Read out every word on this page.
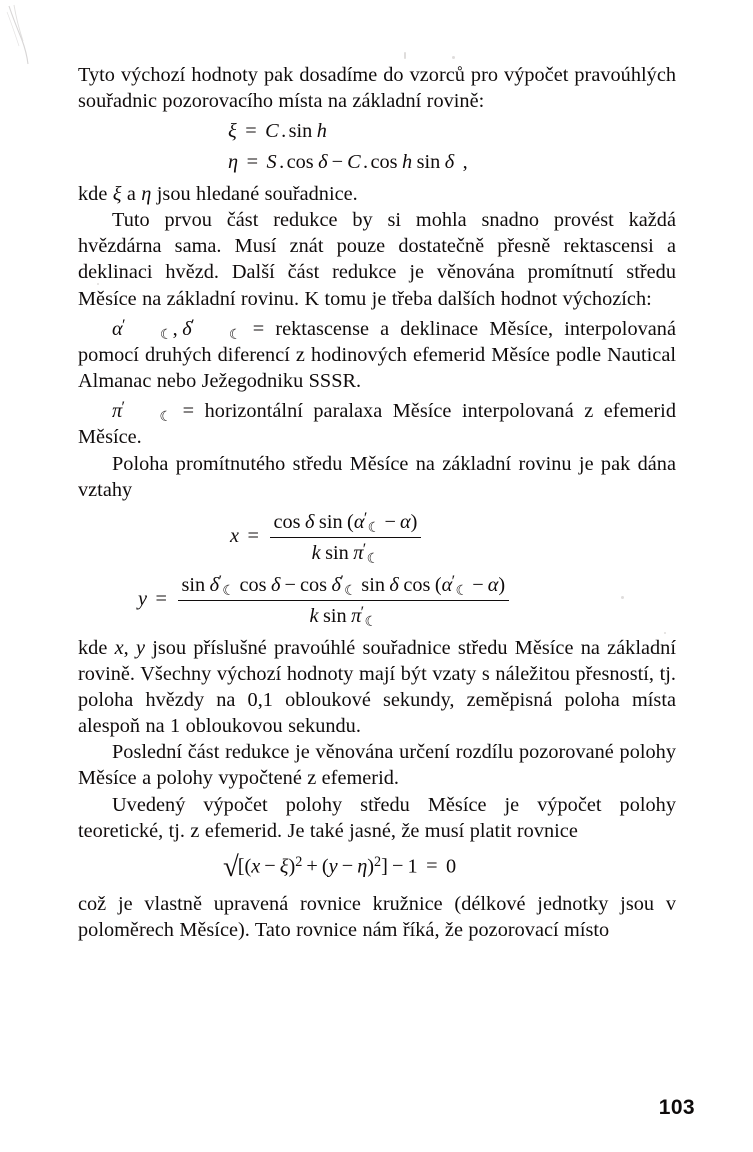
Tyto výchozí hodnoty pak dosadíme do vzorců pro výpočet pravoúhlých souřadnic pozorovacího místa na základní rovině:

ξ = C . sin h
η = S . cos δ − C . cos h sin δ ,

kde ξ a η jsou hledané souřadnice.

Tuto prvou část redukce by si mohla snadno provést každá hvězdárna sama. Musí znát pouze dostatečně přesně rektascensi a deklinaci hvězd. Další část redukce je věnována promítnutí středu Měsíce na základní rovinu. K tomu je třeba dalších hodnot výchozích:

α′☾, δ′☾ = rektascense a deklinace Měsíce, interpolovaná pomocí druhých diferencí z hodinových efemerid Měsíce podle Nautical Almanac nebo Ježegodniku SSSR.

π′☾ = horizontální paralaxa Měsíce interpolovaná z efemerid Měsíce.

Poloha promítnutého středu Měsíce na základní rovinu je pak dána vztahy

$x = \frac{\cos \delta \sin (\alpha'☾ - \alpha)}{k \sin \pi'☾}$
$y = \frac{\sin \delta'☾ \cos \delta - \cos \delta'☾ \sin \delta \cos (\alpha'☾ - \alpha)}{k \sin \pi'☾}$

kde x, y jsou příslušné pravoúhlé souřadnice středu Měsíce na základní rovině. Všechny výchozí hodnoty mají být vzaty s náležitou přesností, tj. poloha hvězdy na 0,1 obloukové sekundy, zeměpisná poloha místa alespoň na 1 obloukovou sekundu.

Poslední část redukce je věnována určení rozdílu pozorované polohy Měsíce a polohy vypočtené z efemerid.

Uvedený výpočet polohy středu Měsíce je výpočet polohy teoretické, tj. z efemerid. Je také jasné, že musí platit rovnice

$√[(x - \xi)^2 + (y - \eta)^2] - 1 = 0$

což je vlastně upravená rovnice kružnice (délkové jednotky jsou v poloměrech Měsíce). Tato rovnice nám říká, že pozorovací místo

103
